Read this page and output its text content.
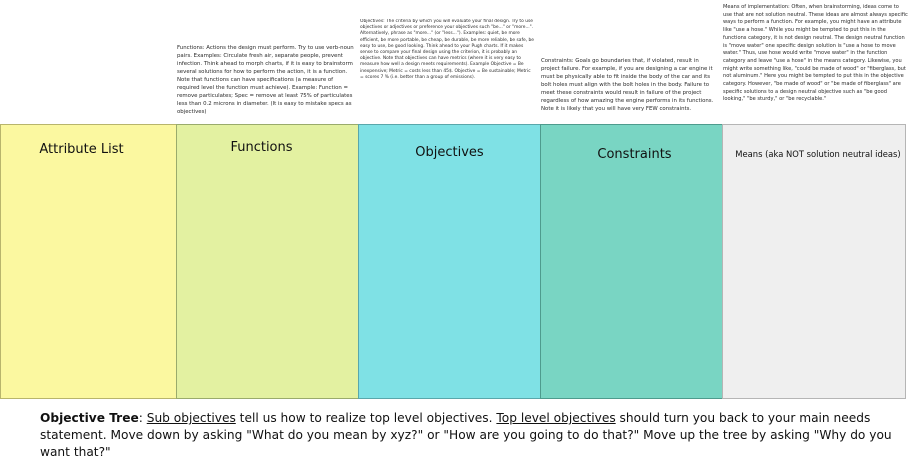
Functions: Actions the design must perform. Try to use verb-noun pairs. Examples: Circulate fresh air, separate people, prevent infection. Think ahead to morph charts, if it is easy to brainstorm several solutions for how to perform the action, it is a function. Note that functions can have specifications (a measure of required level the function must achieve). Example: Function = remove particulates; Spec = remove at least 75% of particulates less than 0.2 microns in diameter. (It is easy to mistake specs as objectives)
Objectives: The criteria by which you will evaluate your final design. Try to use objectives or adjectives or preference your objectives such "be..." or "more...". Alternatively, phrase as "more..." (or "less..."). Examples: quiet, be more efficient, be more portable, be cheap, be durable, be more reliable, be safe, be easy to use, be good looking. Think ahead to your Pugh charts. If it makes sense to compare your final design using the criterion, it is probably an objective. Note that objectives can have metrics (where it is very easy to measure how well a design meets requirements). Example Objective = Be inexpensive; Metric = costs less than 45$. Objective = Be sustainable; Metric = scores 7 % (i.e. better than a group of emissions).
Constraints: Goals go boundaries that, if violated, result in project failure. For example, if you are designing a car engine it must be physically able to fit inside the body of the car and its bolt holes must align with the bolt holes in the body. Failure to meet these constraints would result in failure of the project regardless of how amazing the engine performs in its functions. Note it is likely that you will have very FEW constraints.
Means of implementation: Often, when brainstorming, ideas come to use that are not solution neutral. These ideas are almost always specific ways to perform a function. For example, you might have an attribute like "use a hose." While you might be tempted to put this in the functions category, it is not design neutral. The design neutral function is "move water" one specific design solution is "use a hose to move water." Thus, use hose would write "move water" in the function category and leave "use a hose" in the means category. Likewise, you might write something like, "could be made of wood" or "fiberglass, but not aluminum." Here you might be tempted to put this in the objective category. However, "be made of wood" or "be made of fiberglass" are specific solutions to a design neutral objective such as "be good looking," "be sturdy," or "be recyclable."
Attribute List	Functions	Objectives	Constraints	Means (aka NOT solution neutral ideas)
Objective Tree: Sub objectives tell us how to realize top level objectives. Top level objectives should turn you back to your main needs statement. Move down by asking "What do you mean by xyz?" or "How are you going to do that?" Move up the tree by asking "Why do you want that?"
